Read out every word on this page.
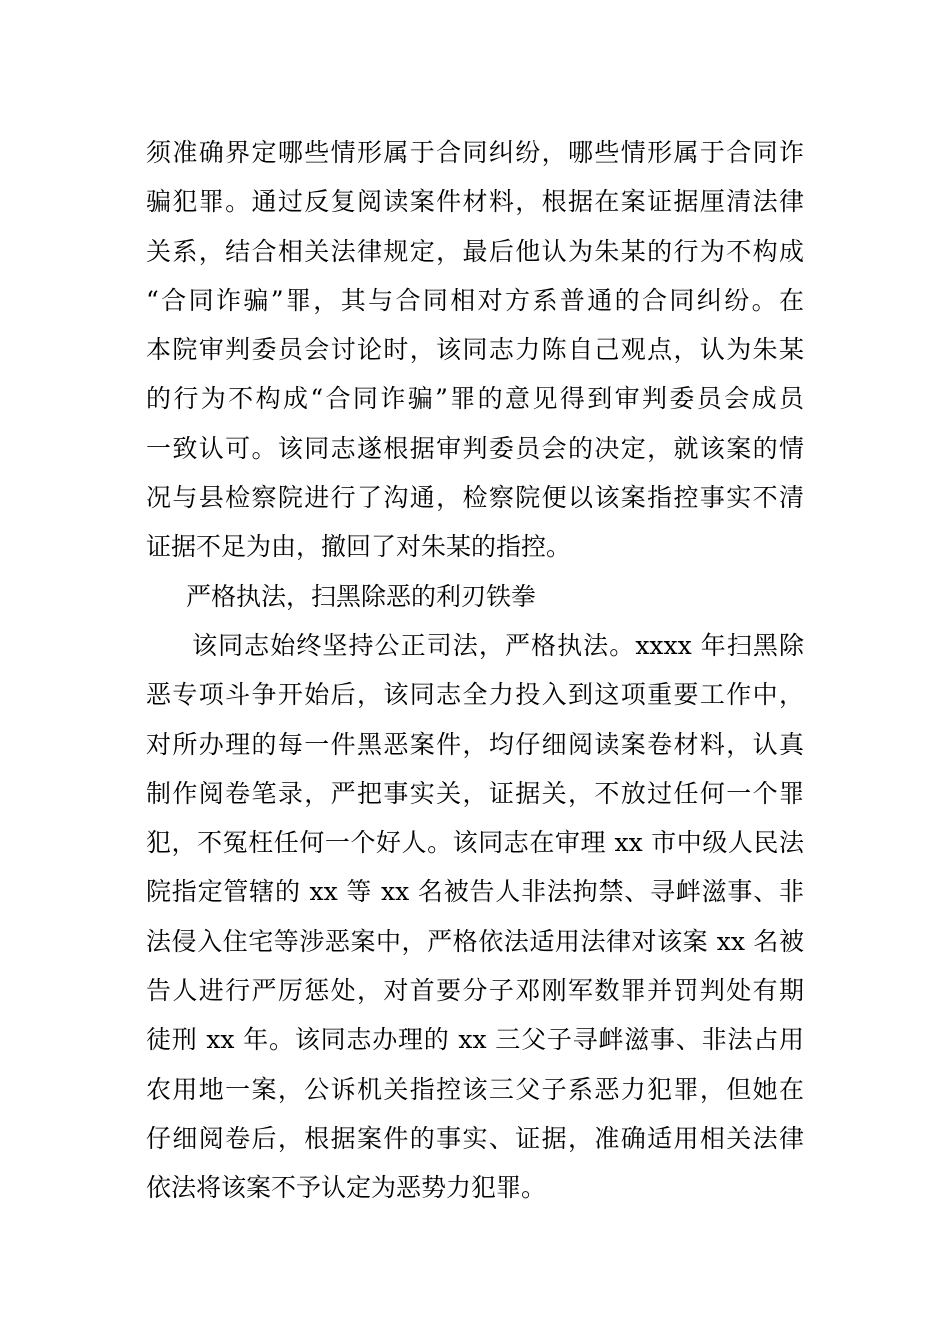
须准确界定哪些情形属于合同纠纷，哪些情形属于合同诈
骗犯罪。通过反复阅读案件材料，根据在案证据厘清法律
关系，结合相关法律规定，最后他认为朱某的行为不构成
“合同诈骗”罪，其与合同相对方系普通的合同纠纷。在
本院审判委员会讨论时，该同志力陈自己观点，认为朱某
的行为不构成“合同诈骗”罪的意见得到审判委员会成员
一致认可。该同志遂根据审判委员会的决定，就该案的情
况与县检察院进行了沟通，检察院便以该案指控事实不清
证据不足为由，撤回了对朱某的指控。
严格执法，扫黑除恶的利刃铁拳
该同志始终坚持公正司法，严格执法。xxxx 年扫黑除
恶专项斗争开始后，该同志全力投入到这项重要工作中，
对所办理的每一件黑恶案件，均仔细阅读案卷材料，认真
制作阅卷笔录，严把事实关，证据关，不放过任何一个罪
犯，不冤枉任何一个好人。该同志在审理 xx 市中级人民法
院指定管辖的 xx 等 xx 名被告人非法拘禁、寻衅滋事、非
法侵入住宅等涉恶案中，严格依法适用法律对该案 xx 名被
告人进行严厉惩处，对首要分子邓刚军数罪并罚判处有期
徒刑 xx 年。该同志办理的 xx 三父子寻衅滋事、非法占用
农用地一案，公诉机关指控该三父子系恶力犯罪，但她在
仔细阅卷后，根据案件的事实、证据，准确适用相关法律
依法将该案不予认定为恶势力犯罪。
